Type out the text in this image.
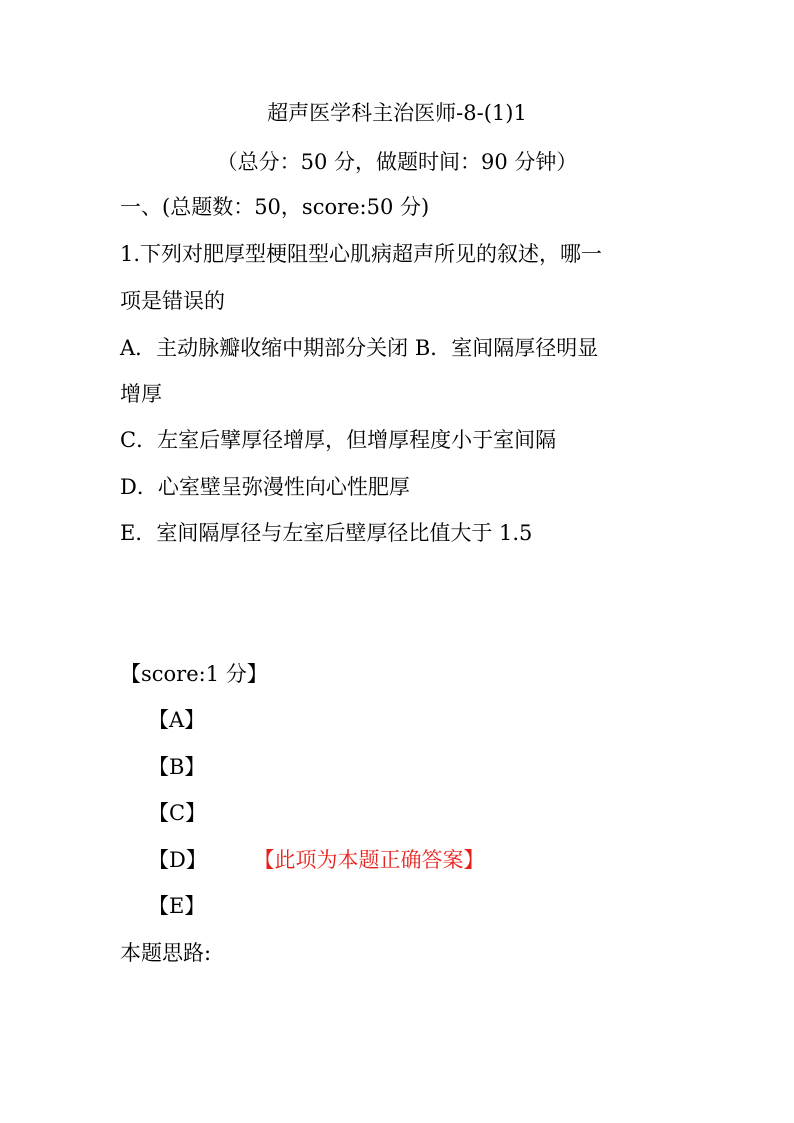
超声医学科主治医师-8-(1)1
（总分：50 分，做题时间：90 分钟）
一、(总题数：50，score:50 分)
1.下列对肥厚型梗阻型心肌病超声所见的叙述，哪一
项是错误的
A．主动脉瓣收缩中期部分关闭 B．室间隔厚径明显
增厚
C．左室后擘厚径增厚，但增厚程度小于室间隔
D．心室壁呈弥漫性向心性肥厚
E．室间隔厚径与左室后壁厚径比值大于 1.5
【score:1 分】
【A】
【B】
【C】
【D】 【此项为本题正确答案】
【E】
本题思路:
